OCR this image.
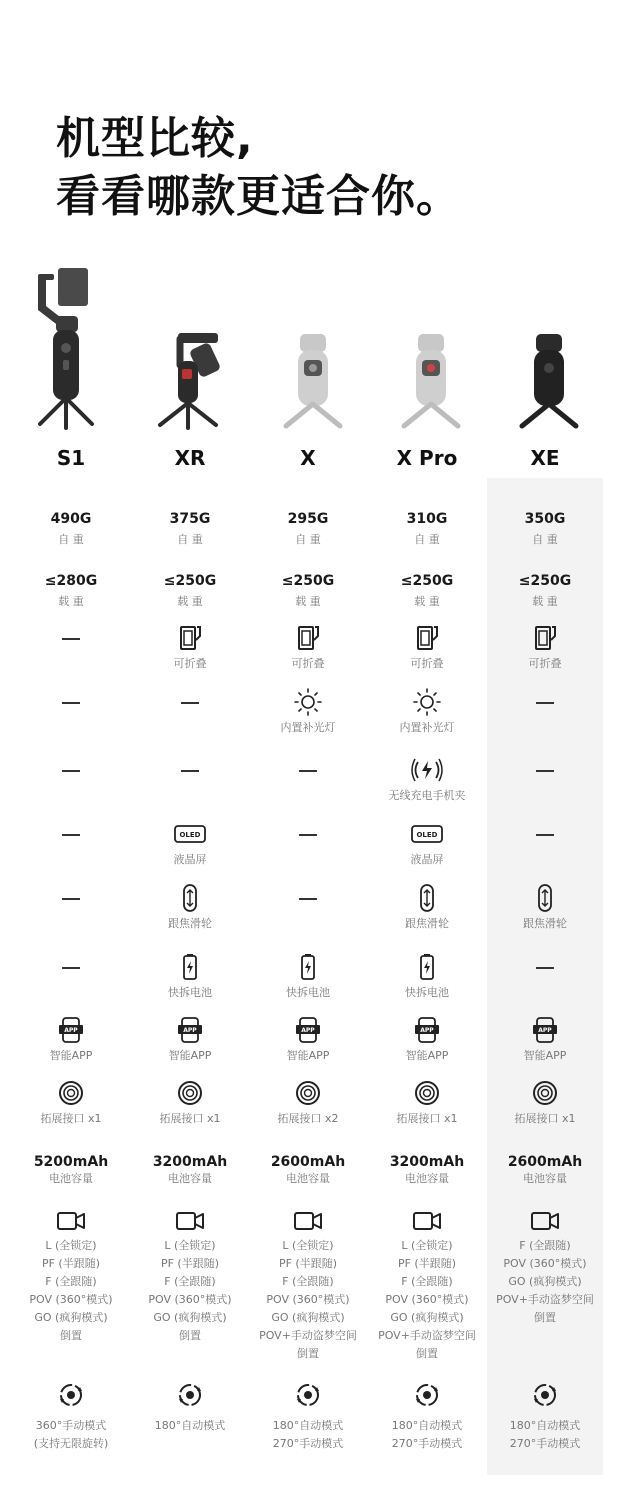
机型比较,
看看哪款更适合你。
S1
490G
自 重
≤280G
载 重
APP
智能APP
拓展接口 x1
5200mAh
电池容量
L (全锁定)
PF (半跟随)
F (全跟随)
POV (360°模式)
GO (疯狗模式)
倒置
360°手动模式
(支持无限旋转)
XR
375G
自 重
≤250G
载 重
可折叠
OLED
液晶屏
跟焦滑轮
快拆电池
APP
智能APP
拓展接口 x1
3200mAh
电池容量
L (全锁定)
PF (半跟随)
F (全跟随)
POV (360°模式)
GO (疯狗模式)
倒置
180°自动模式
X
295G
自 重
≤250G
载 重
可折叠
内置补光灯
快拆电池
APP
智能APP
拓展接口 x2
2600mAh
电池容量
L (全锁定)
PF (半跟随)
F (全跟随)
POV (360°模式)
GO (疯狗模式)
POV+手动盗梦空间
倒置
180°自动模式
270°手动模式
X Pro
310G
自 重
≤250G
载 重
可折叠
内置补光灯
无线充电手机夹
OLED
液晶屏
跟焦滑轮
快拆电池
APP
智能APP
拓展接口 x1
3200mAh
电池容量
L (全锁定)
PF (半跟随)
F (全跟随)
POV (360°模式)
GO (疯狗模式)
POV+手动盗梦空间
倒置
180°自动模式
270°手动模式
XE
350G
自 重
≤250G
载 重
可折叠
跟焦滑轮
APP
智能APP
拓展接口 x1
2600mAh
电池容量
F (全跟随)
POV (360°模式)
GO (疯狗模式)
POV+手动盗梦空间
倒置
180°自动模式
270°手动模式
